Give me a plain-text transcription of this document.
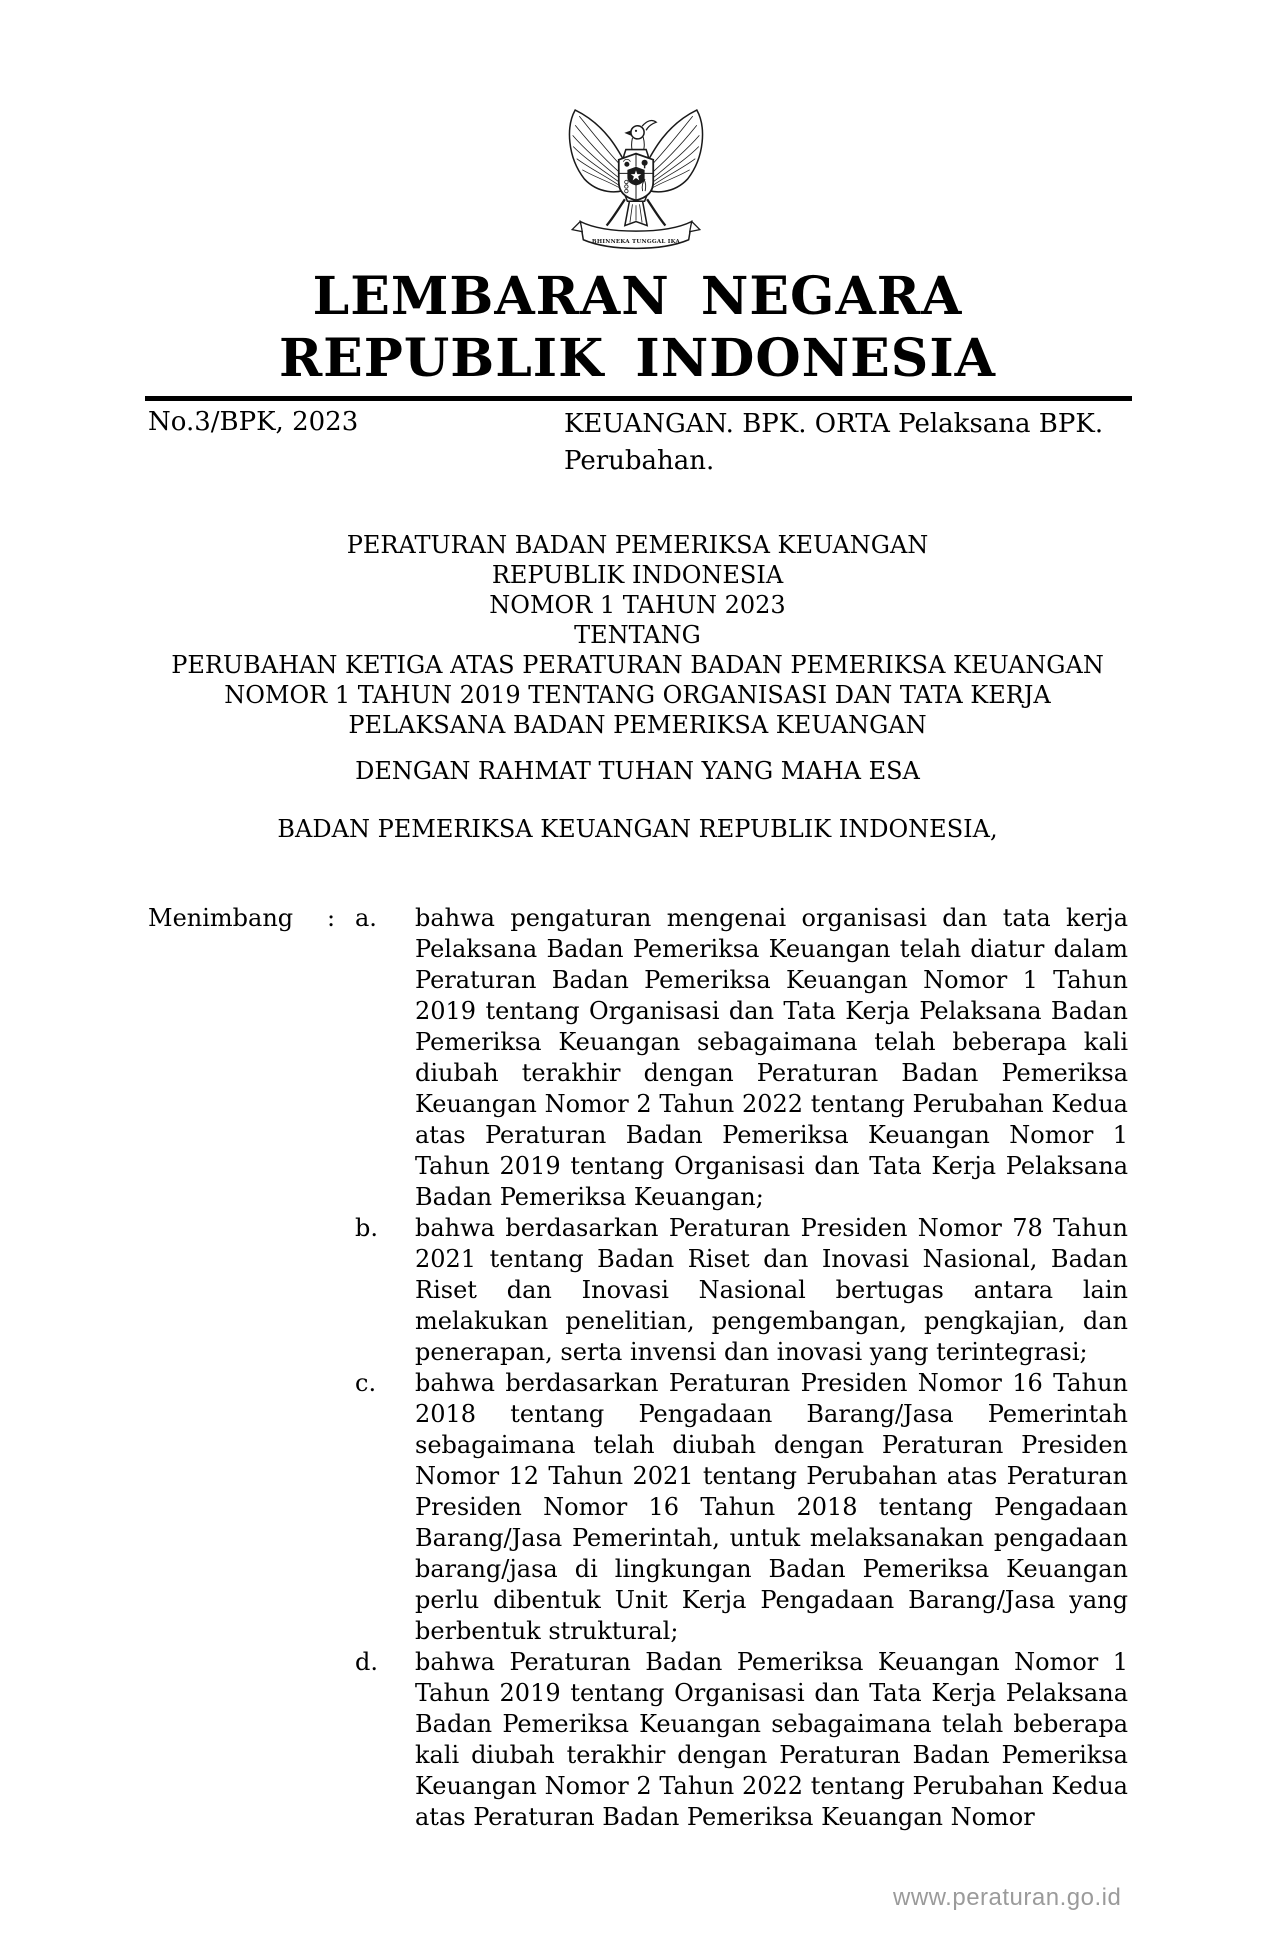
BHINNEKA TUNGGAL IKA
LEMBARAN NEGARA
REPUBLIK INDONESIA
No.3/BPK, 2023	KEUANGAN. BPK. ORTA Pelaksana BPK.
Perubahan.
PERATURAN BADAN PEMERIKSA KEUANGAN
REPUBLIK INDONESIA
NOMOR 1 TAHUN 2023
TENTANG
PERUBAHAN KETIGA ATAS PERATURAN BADAN PEMERIKSA KEUANGAN
NOMOR 1 TAHUN 2019 TENTANG ORGANISASI DAN TATA KERJA
PELAKSANA BADAN PEMERIKSA KEUANGAN
DENGAN RAHMAT TUHAN YANG MAHA ESA
BADAN PEMERIKSA KEUANGAN REPUBLIK INDONESIA,
Menimbang : a.	bahwa pengaturan mengenai organisasi dan tata kerja Pelaksana Badan Pemeriksa Keuangan telah diatur dalam Peraturan Badan Pemeriksa Keuangan Nomor 1 Tahun 2019 tentang Organisasi dan Tata Kerja Pelaksana Badan Pemeriksa Keuangan sebagaimana telah beberapa kali diubah terakhir dengan Peraturan Badan Pemeriksa Keuangan Nomor 2 Tahun 2022 tentang Perubahan Kedua atas Peraturan Badan Pemeriksa Keuangan Nomor 1 Tahun 2019 tentang Organisasi dan Tata Kerja Pelaksana Badan Pemeriksa Keuangan;
b.	bahwa berdasarkan Peraturan Presiden Nomor 78 Tahun 2021 tentang Badan Riset dan Inovasi Nasional, Badan Riset dan Inovasi Nasional bertugas antara lain melakukan penelitian, pengembangan, pengkajian, dan penerapan, serta invensi dan inovasi yang terintegrasi;
c.	bahwa berdasarkan Peraturan Presiden Nomor 16 Tahun 2018 tentang Pengadaan Barang/Jasa Pemerintah sebagaimana telah diubah dengan Peraturan Presiden Nomor 12 Tahun 2021 tentang Perubahan atas Peraturan Presiden Nomor 16 Tahun 2018 tentang Pengadaan Barang/Jasa Pemerintah, untuk melaksanakan pengadaan barang/jasa di lingkungan Badan Pemeriksa Keuangan perlu dibentuk Unit Kerja Pengadaan Barang/Jasa yang berbentuk struktural;
d.	bahwa Peraturan Badan Pemeriksa Keuangan Nomor 1 Tahun 2019 tentang Organisasi dan Tata Kerja Pelaksana Badan Pemeriksa Keuangan sebagaimana telah beberapa kali diubah terakhir dengan Peraturan Badan Pemeriksa Keuangan Nomor 2 Tahun 2022 tentang Perubahan Kedua atas Peraturan Badan Pemeriksa Keuangan Nomor
www.peraturan.go.id
